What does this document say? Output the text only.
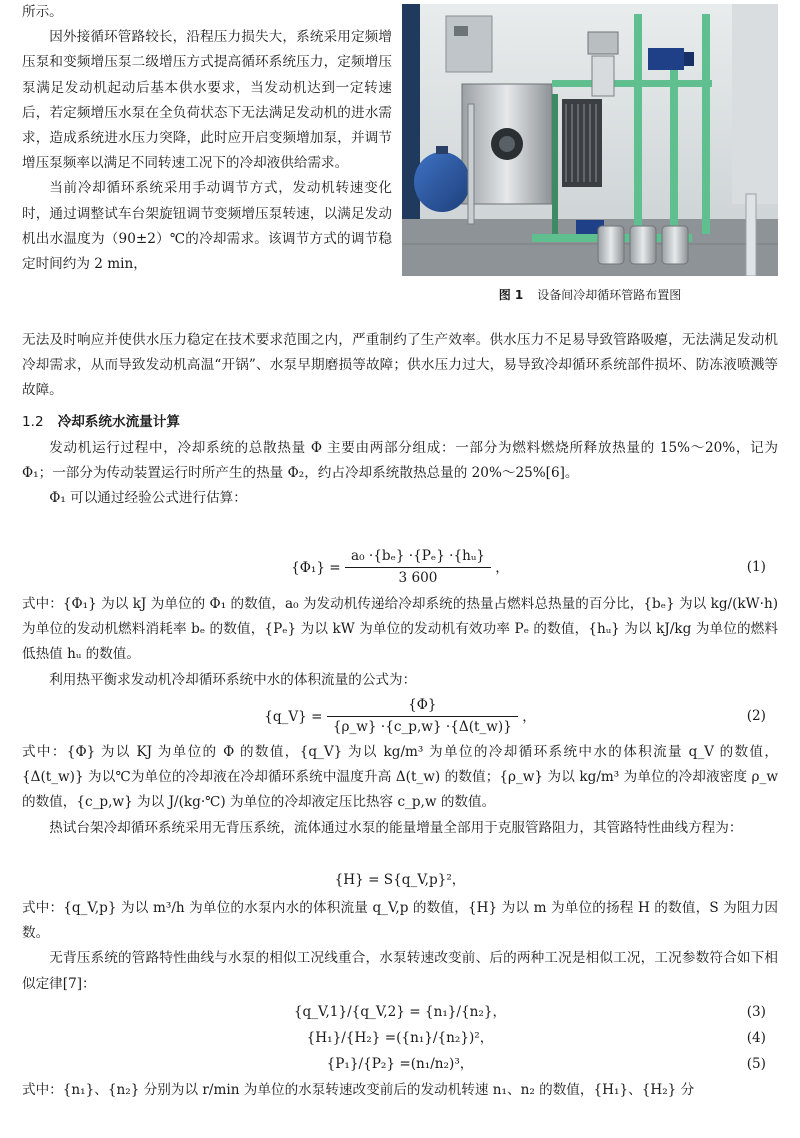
所示。

因外接循环管路较长，沿程压力损失大，系统采用定频增压泵和变频增压泵二级增压方式提高循环系统压力，定频增压泵满足发动机起动后基本供水要求，当发动机达到一定转速后，若定频增压水泵在全负荷状态下无法满足发动机的进水需求，造成系统进水压力突降，此时应开启变频增加泵，并调节增压泵频率以满足不同转速工况下的冷却液供给需求。

当前冷却循环系统采用手动调节方式，发动机转速变化时，通过调整试车台架旋钮调节变频增压泵转速，以满足发动机出水温度为（90±2）℃的冷却需求。该调节方式的调节稳定时间约为 2 min，

图 1 设备间冷却循环管路布置图

无法及时响应并使供水压力稳定在技术要求范围之内，严重制约了生产效率。供水压力不足易导致管路吸瘪，无法满足发动机冷却需求，从而导致发动机高温“开锅”、水泵早期磨损等故障；供水压力过大，易导致冷却循环系统部件损坏、防冻液喷溅等故障。

1.2 冷却系统水流量计算

发动机运行过程中，冷却系统的总散热量 Φ 主要由两部分组成：一部分为燃料燃烧所释放热量的 15%～20%，记为 Φ₁；一部分为传动装置运行时所产生的热量 Φ₂，约占冷却系统散热总量的 20%～25%[6]。

Φ₁ 可以通过经验公式进行估算：

$\{\Phi_1\} = \frac{\text{a₀ ·\{bₑ\} ·\{Pₑ\} ·\{hᵤ\}}}{3 600}$ ，	(1)

式中：{Φ₁} 为以 kJ 为单位的 Φ₁ 的数值，a₀ 为发动机传递给冷却系统的热量占燃料总热量的百分比，{bₑ} 为以 kg/(kW·h) 为单位的发动机燃料消耗率 bₑ 的数值，{Pₑ} 为以 kW 为单位的发动机有效功率 Pₑ 的数值，{hᵤ} 为以 kJ/kg 为单位的燃料低热值 hᵤ 的数值。

利用热平衡求发动机冷却循环系统中水的体积流量的公式为：

{q_V} = $\frac{\{\Phi\}}{\{\rho\_w\} \cdot\{c\_p,w\} \cdot\{\Delta(t\_w)\}}$ ，	(2)

式中：{Φ} 为以 KJ 为单位的 Φ 的数值，{q_V} 为以 kg/m³ 为单位的冷却循环系统中水的体积流量 q_V 的数值，{Δ(t_w)} 为以℃为单位的冷却液在冷却循环系统中温度升高 Δ(t_w) 的数值；{ρ_w} 为以 kg/m³ 为单位的冷却液密度 ρ_w 的数值，{c_p,w} 为以 J/(kg·℃) 为单位的冷却液定压比热容 c_p,w 的数值。

热试台架冷却循环系统采用无背压系统，流体通过水泵的能量增量全部用于克服管路阻力，其管路特性曲线方程为：

{H} = S{q_V,p}²，

式中：{q_V,p} 为以 m³/h 为单位的水泵内水的体积流量 q_V,p 的数值，{H} 为以 m 为单位的扬程 H 的数值，S 为阻力因数。

无背压系统的管路特性曲线与水泵的相似工况线重合，水泵转速改变前、后的两种工况是相似工况，工况参数符合如下相似定律[7]：

{q_V,1}/{q_V,2} = {n₁}/{n₂}，	(3)
{H₁}/{H₂} =({n₁}/{n₂})²，	(4)
{P₁}/{P₂} =(n₁/n₂)³，	(5)

式中：{n₁}、{n₂} 分别为以 r/min 为单位的水泵转速改变前后的发动机转速 n₁、n₂ 的数值，{H₁}、{H₂} 分
